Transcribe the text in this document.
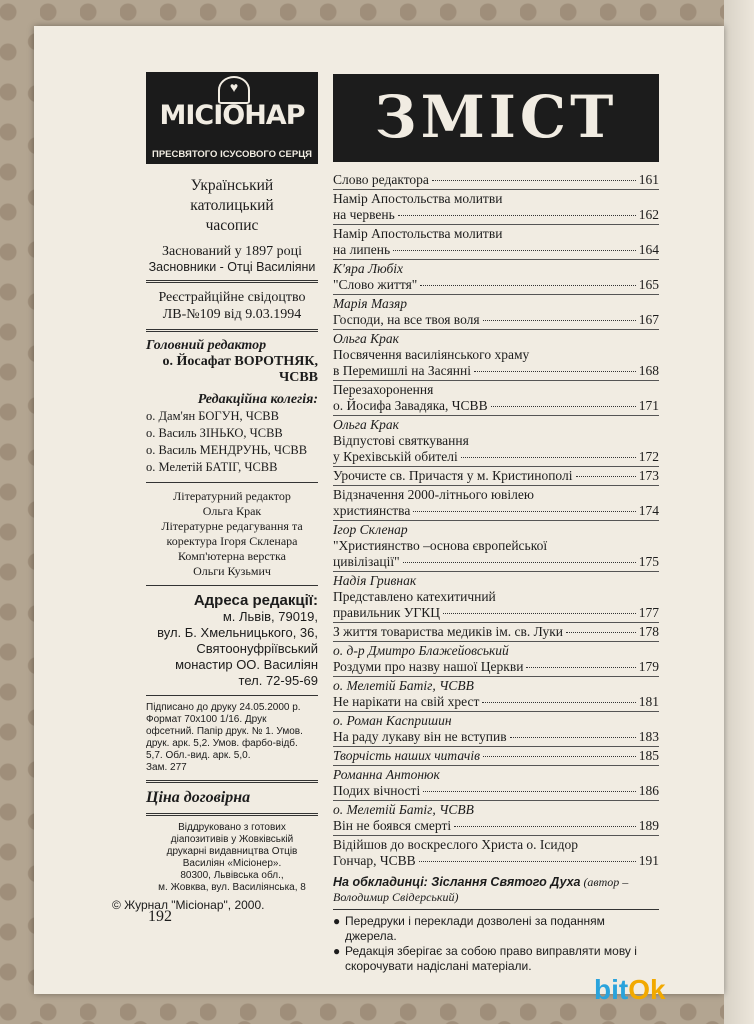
♥
МІСІОНАР
ПРЕСВЯТОГО ІСУСОВОГО СЕРЦЯ
Український
католицький
часопис
Заснований у 1897 році
Засновники - Отці Василіяни
Реєстрайційне свідоцтво
ЛВ-№109 від 9.03.1994
Головний редактор
о. Йосафат ВОРОТНЯК,
ЧСВВ
Редакційна колегія:
о. Дам'ян БОГУН, ЧСВВ
о. Василь ЗІНЬКО, ЧСВВ
о. Василь МЕНДРУНЬ, ЧСВВ
о. Мелетій БАТІГ, ЧСВВ
Літературний редактор
Ольга Крак
Літературне редагування та
коректура Ігоря Скленара
Комп'ютерна верстка
Ольги Кузьмич
Адреса редакції:
м. Львів, 79019,
вул. Б. Хмельницького, 36,
Святоонуфріївський
монастир ОО. Василіян
тел. 72-95-69
Підписано до друку 24.05.2000 р.
Формат 70х100 1/16. Друк
офсетний. Папір друк. № 1. Умов.
друк. арк. 5,2. Умов. фарбо-відб.
5,7. Обл.-вид. арк. 5,0.
Зам. 277
Ціна договірна
Віддруковано з готових
діапозитивів у Жовківській
друкарні видавництва Отців
Василіян «Місіонер».
80300, Львівська обл.,
м. Жовква, вул. Василіянська, 8
© Журнал "Місіонар", 2000.
192
ЗМІСТ
Слово редактора	161
Намір Апостольства молитви
на червень	162
Намір Апостольства молитви
на липень	164
К'яра Любіх
"Слово життя"	165
Марія Мазяр
Господи, на все твоя воля	167
Ольга Крак
Посвячення василіянського храму
в Перемишлі на Засянні	168
Перезахоронення
о. Йосифа Завадяка, ЧСВВ	171
Ольга Крак
Відпустові святкування
у Крехівській обителі	172
Урочисте св. Причастя у м. Кристинополі	173
Відзначення 2000-літнього ювілею
християнства	174
Ігор Скленар
"Християнство –основа європейської
цивілізації"	175
Надія Гривнак
Представлено катехитичний
правильник УГКЦ	177
З життя товариства медиків ім. св. Луки	178
о. д-р Дмитро Блажейовський
Роздуми про назву нашої Церкви	179
о. Мелетій Батіг, ЧСВВ
Не нарікати на свій хрест	181
о. Роман Каспришин
На раду лукаву він не вступив	183
Творчість наших читачів	185
Романна Антонюк
Подих вічності	186
о. Мелетій Батіг, ЧСВВ
Він не боявся смерті	189
Відійшов до воскреслого Христа о. Ісидор
Гончар, ЧСВВ	191
На обкладинці: Зіслання Святого Духа (автор – Володимир Свідерський)
● Передруки і переклади дозволені за поданням джерела.
● Редакція зберігає за собою право виправляти мову і скорочувати надіслані матеріали.
bitOk
